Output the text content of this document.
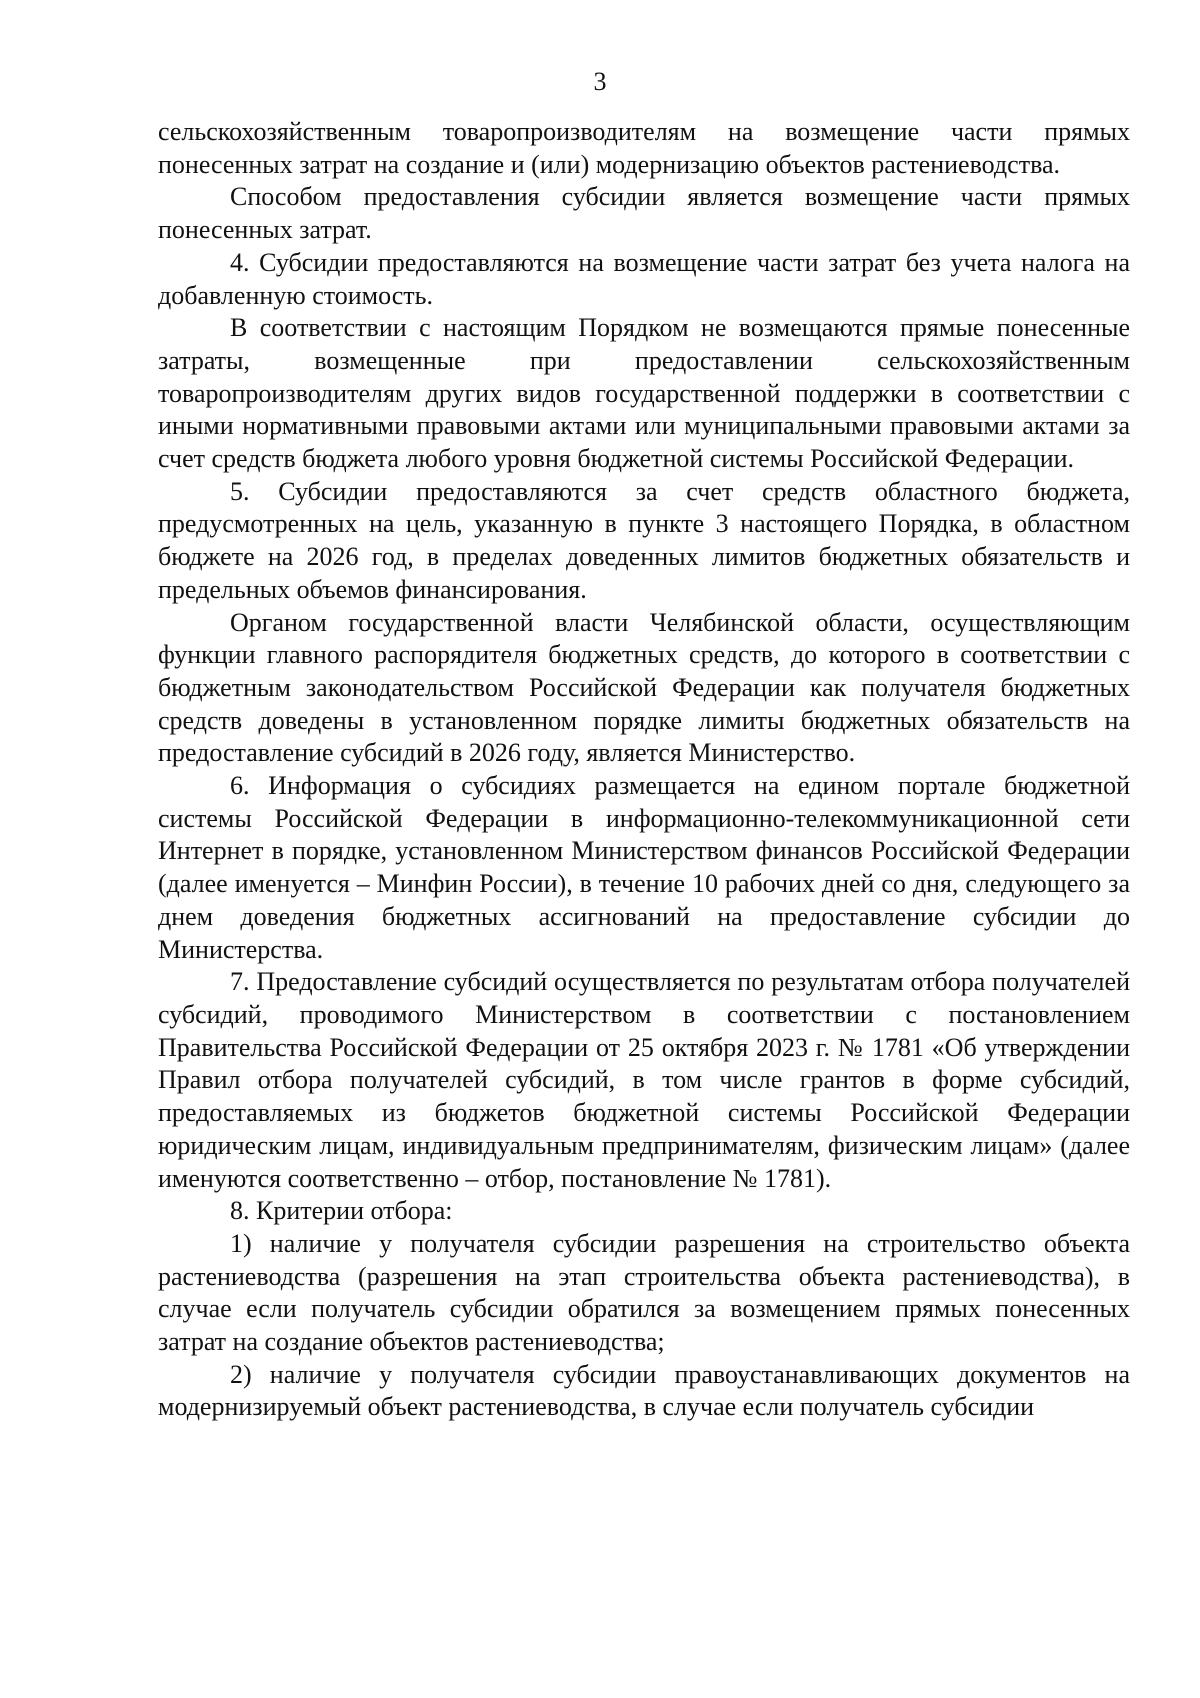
3

сельскохозяйственным товаропроизводителям на возмещение части прямых понесенных затрат на создание и (или) модернизацию объектов растениеводства.

Способом предоставления субсидии является возмещение части прямых понесенных затрат.

4. Субсидии предоставляются на возмещение части затрат без учета налога на добавленную стоимость.

В соответствии с настоящим Порядком не возмещаются прямые понесенные затраты, возмещенные при предоставлении сельскохозяйственным товаропроизводителям других видов государственной поддержки в соответствии с иными нормативными правовыми актами или муниципальными правовыми актами за счет средств бюджета любого уровня бюджетной системы Российской Федерации.

5. Субсидии предоставляются за счет средств областного бюджета, предусмотренных на цель, указанную в пункте 3 настоящего Порядка, в областном бюджете на 2026 год, в пределах доведенных лимитов бюджетных обязательств и предельных объемов финансирования.

Органом государственной власти Челябинской области, осуществляющим функции главного распорядителя бюджетных средств, до которого в соответствии с бюджетным законодательством Российской Федерации как получателя бюджетных средств доведены в установленном порядке лимиты бюджетных обязательств на предоставление субсидий в 2026 году, является Министерство.

6. Информация о субсидиях размещается на едином портале бюджетной системы Российской Федерации в информационно-телекоммуникационной сети Интернет в порядке, установленном Министерством финансов Российской Федерации (далее именуется – Минфин России), в течение 10 рабочих дней со дня, следующего за днем доведения бюджетных ассигнований на предоставление субсидии до Министерства.

7. Предоставление субсидий осуществляется по результатам отбора получателей субсидий, проводимого Министерством в соответствии с постановлением Правительства Российской Федерации от 25 октября 2023 г. № 1781 «Об утверждении Правил отбора получателей субсидий, в том числе грантов в форме субсидий, предоставляемых из бюджетов бюджетной системы Российской Федерации юридическим лицам, индивидуальным предпринимателям, физическим лицам» (далее именуются соответственно – отбор, постановление № 1781).

8. Критерии отбора:

1) наличие у получателя субсидии разрешения на строительство объекта растениеводства (разрешения на этап строительства объекта растениеводства), в случае если получатель субсидии обратился за возмещением прямых понесенных затрат на создание объектов растениеводства;

2) наличие у получателя субсидии правоустанавливающих документов на модернизируемый объект растениеводства, в случае если получатель субсидии
